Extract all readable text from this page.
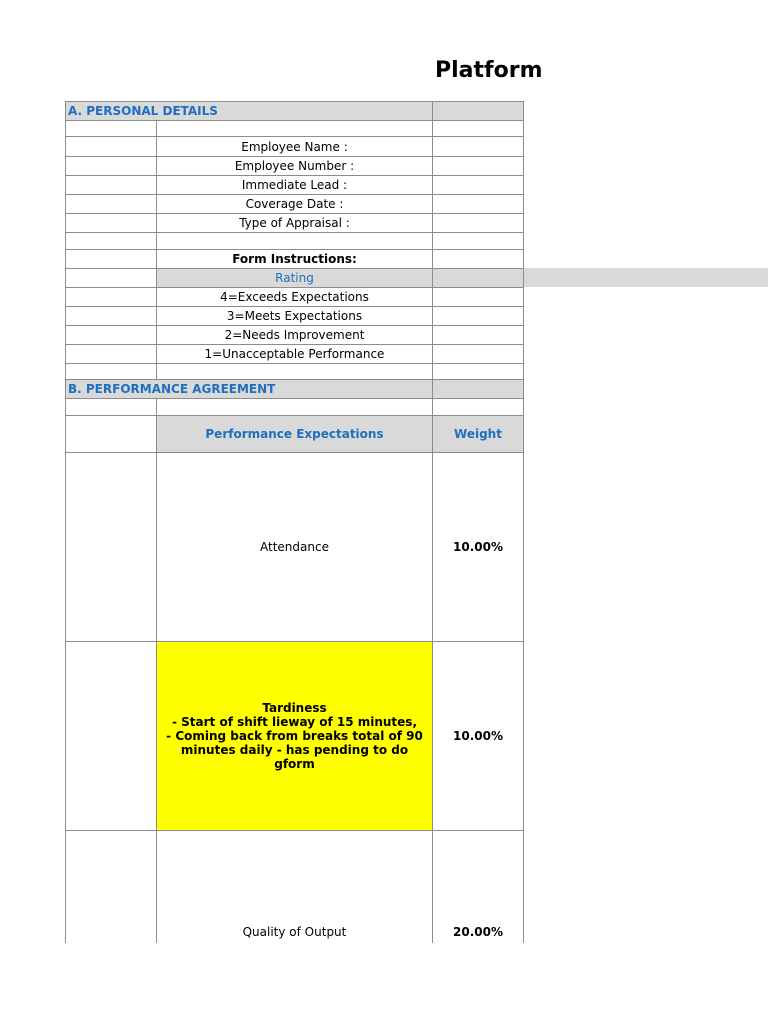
Platform
A. PERSONAL DETAILS		

	Employee Name :	
	Employee Number :	
	Immediate Lead :	
	Coverage Date :	
	Type of Appraisal :	

	Form Instructions:	
	Rating	
	4=Exceeds Expectations	
	3=Meets Expectations	
	2=Needs Improvement	
	1=Unacceptable Performance	

B. PERFORMANCE AGREEMENT		

	Performance Expectations	Weight

	Attendance	10.00%

	Tardiness
- Start of shift lieway of 15 minutes,
- Coming back from breaks total of 90
minutes daily - has pending to do gform	10.00%

	Quality of Output	20.00%
